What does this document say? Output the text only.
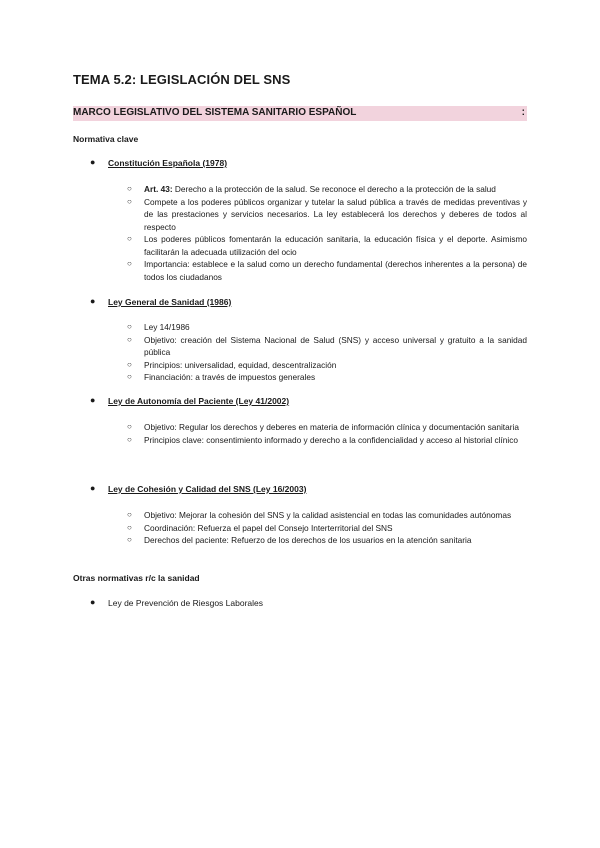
TEMA 5.2: LEGISLACIÓN DEL SNS
MARCO LEGISLATIVO DEL SISTEMA SANITARIO ESPAÑOL	:
Normativa clave
● Constitución Española (1978)
○ Art. 43: Derecho a la protección de la salud. Se reconoce el derecho a la protección de la salud
○ Compete a los poderes públicos organizar y tutelar la salud pública a través de medidas preventivas y de las prestaciones y servicios necesarios. La ley establecerá los derechos y deberes de todos al respecto
○ Los poderes públicos fomentarán la educación sanitaria, la educación física y el deporte. Asimismo facilitarán la adecuada utilización del ocio
○ Importancia: establece e la salud como un derecho fundamental (derechos inherentes a la persona) de todos los ciudadanos
● Ley General de Sanidad (1986)
○ Ley 14/1986
○ Objetivo: creación del Sistema Nacional de Salud (SNS) y acceso universal y gratuito a la sanidad pública
○ Principios: universalidad, equidad, descentralización
○ Financiación: a través de impuestos generales
● Ley de Autonomía del Paciente (Ley 41/2002)
○ Objetivo: Regular los derechos y deberes en materia de información clínica y documentación sanitaria
○ Principios clave: consentimiento informado y derecho a la confidencialidad y acceso al historial clínico
● Ley de Cohesión y Calidad del SNS (Ley 16/2003)
○ Objetivo: Mejorar la cohesión del SNS y la calidad asistencial en todas las comunidades autónomas
○ Coordinación: Refuerza el papel del Consejo Interterritorial del SNS
○ Derechos del paciente: Refuerzo de los derechos de los usuarios en la atención sanitaria
Otras normativas r/c la sanidad
● Ley de Prevención de Riesgos Laborales
